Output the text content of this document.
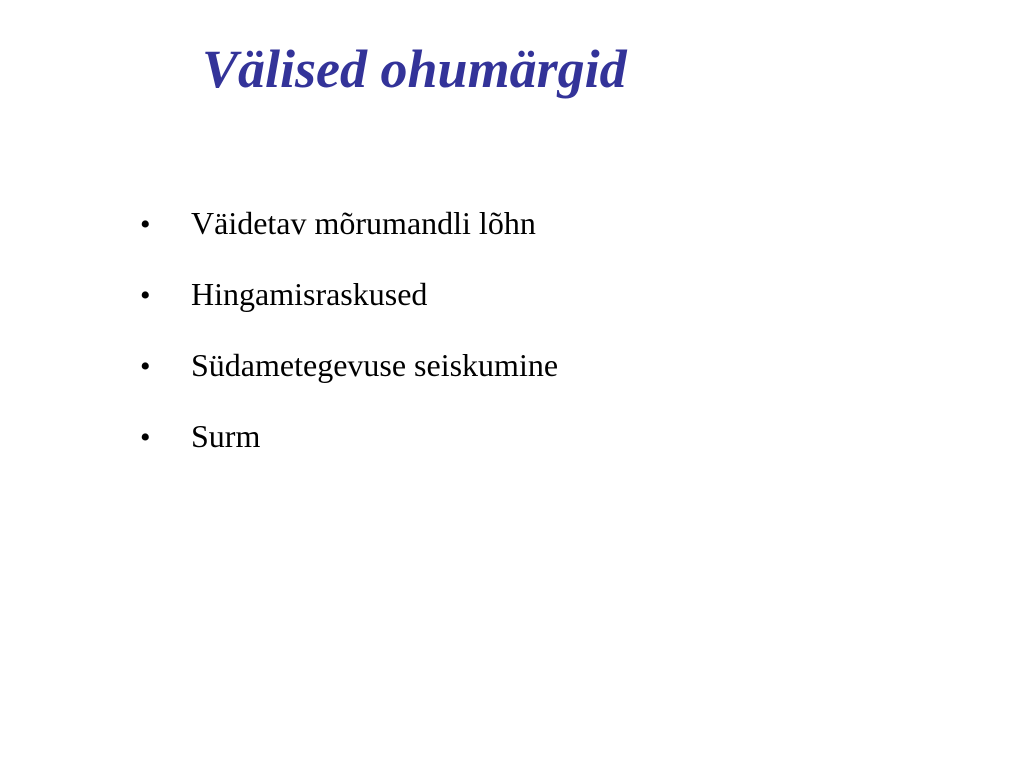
Välised ohumärgid
•	Väidetav mõrumandli lõhn
•	Hingamisraskused
•	Südametegevuse seiskumine
•	Surm
